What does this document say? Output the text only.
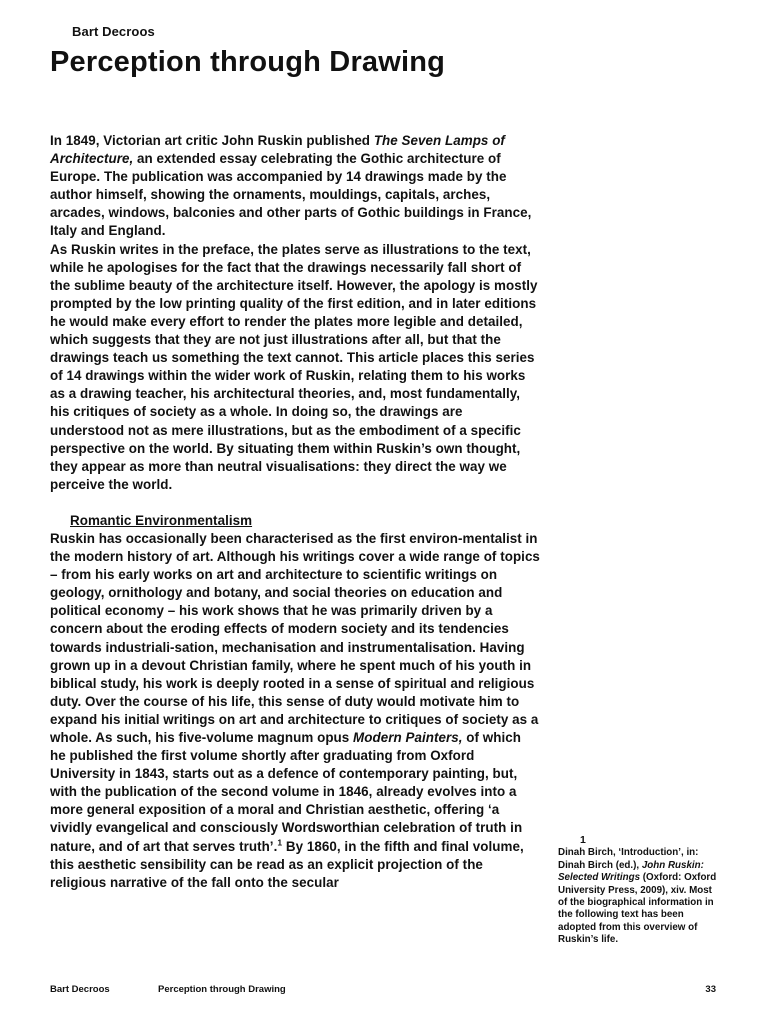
Bart Decroos
Perception through Drawing

In 1849, Victorian art critic John Ruskin published The Seven Lamps of Architecture, an extended essay celebrating the Gothic architecture of Europe. The publication was accompanied by 14 drawings made by the author himself, showing the ornaments, mouldings, capitals, arches, arcades, windows, balconies and other parts of Gothic buildings in France, Italy and England.

As Ruskin writes in the preface, the plates serve as illustrations to the text, while he apologises for the fact that the drawings necessarily fall short of the sublime beauty of the architecture itself. However, the apology is mostly prompted by the low printing quality of the first edition, and in later editions he would make every effort to render the plates more legible and detailed, which suggests that they are not just illustrations after all, but that the drawings teach us something the text cannot. This article places this series of 14 drawings within the wider work of Ruskin, relating them to his works as a drawing teacher, his architectural theories, and, most fundamentally, his critiques of society as a whole. In doing so, the drawings are understood not as mere illustrations, but as the embodiment of a specific perspective on the world. By situating them within Ruskin’s own thought, they appear as more than neutral visualisations: they direct the way we perceive the world.

Romantic Environmentalism

Ruskin has occasionally been characterised as the first environ-mentalist in the modern history of art. Although his writings cover a wide range of topics – from his early works on art and architecture to scientific writings on geology, ornithology and botany, and social theories on education and political economy – his work shows that he was primarily driven by a concern about the eroding effects of modern society and its tendencies towards industriali-sation, mechanisation and instrumentalisation. Having grown up in a devout Christian family, where he spent much of his youth in biblical study, his work is deeply rooted in a sense of spiritual and religious duty. Over the course of his life, this sense of duty would motivate him to expand his initial writings on art and architecture to critiques of society as a whole. As such, his five-volume magnum opus Modern Painters, of which he published the first volume shortly after graduating from Oxford University in 1843, starts out as a defence of contemporary painting, but, with the publication of the second volume in 1846, already evolves into a more general exposition of a moral and Christian aesthetic, offering ‘a vividly evangelical and consciously Wordsworthian celebration of truth in nature, and of art that serves truth’.$^1$ By 1860, in the fifth and final volume, this aesthetic sensibility can be read as an explicit projection of the religious narrative of the fall onto the secular

1
Dinah Birch, ‘Introduction’, in: Dinah Birch (ed.), John Ruskin: Selected Writings (Oxford: Oxford University Press, 2009), xiv. Most of the biographical information in the following text has been adopted from this overview of Ruskin’s life.
Bart Decroos	Perception through Drawing	33
